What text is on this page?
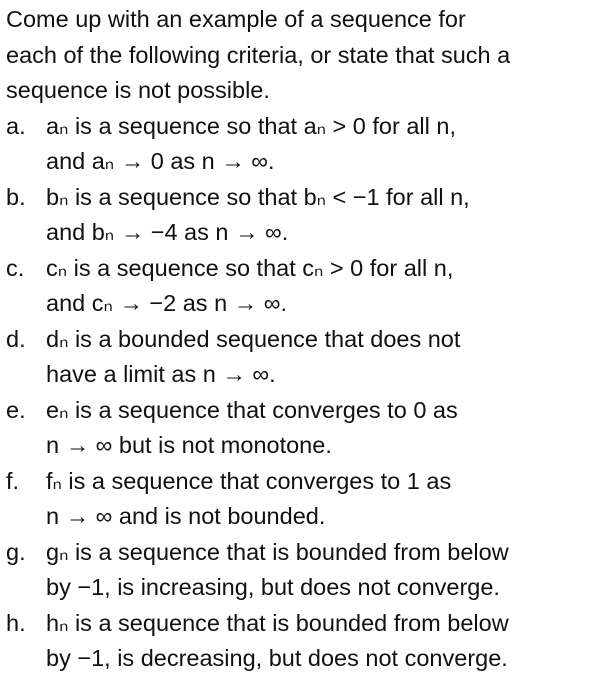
Come up with an example of a sequence for
each of the following criteria, or state that such a
sequence is not possible.
a. aₙ is a sequence so that aₙ > 0 for all n,
and aₙ → 0 as n → ∞.
b. bₙ is a sequence so that bₙ < −1 for all n,
and bₙ → −4 as n → ∞.
c. cₙ is a sequence so that cₙ > 0 for all n,
and cₙ → −2 as n → ∞.
d. dₙ is a bounded sequence that does not
have a limit as n → ∞.
e. eₙ is a sequence that converges to 0 as
n → ∞ but is not monotone.
f. fₙ is a sequence that converges to 1 as
n → ∞ and is not bounded.
g. gₙ is a sequence that is bounded from below
by −1, is increasing, but does not converge.
h. hₙ is a sequence that is bounded from below
by −1, is decreasing, but does not converge.
